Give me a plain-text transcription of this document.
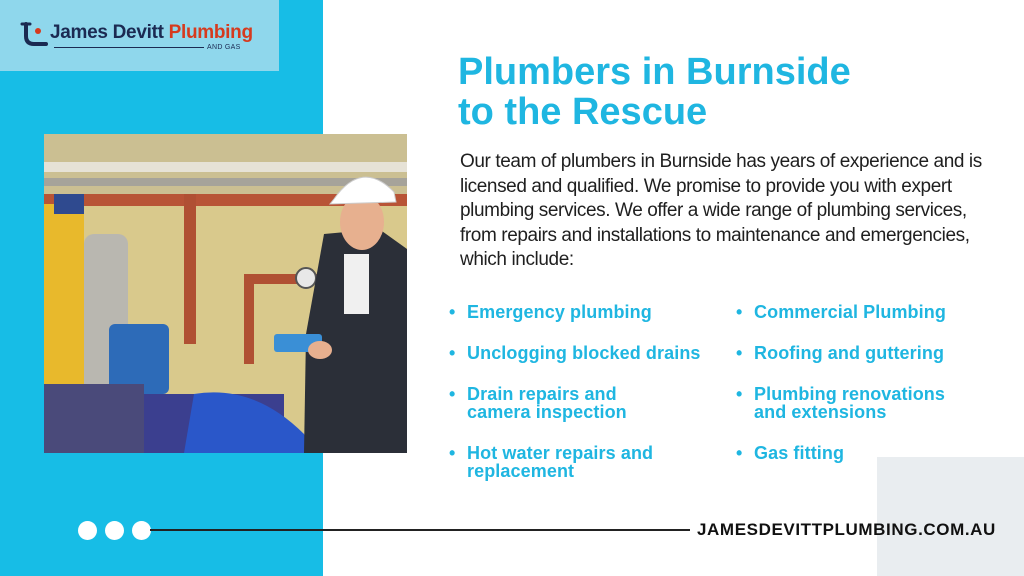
James Devitt Plumbing
AND GAS
Plumbers in Burnside
to the Rescue

Our team of plumbers in Burnside has years of experience and is licensed and qualified. We promise to provide you with expert plumbing services. We offer a wide range of plumbing services, from repairs and installations to maintenance and emergencies, which include:

• Emergency plumbing
• Unclogging blocked drains
• Drain repairs and
camera inspection
• Hot water repairs and
replacement
• Commercial Plumbing
• Roofing and guttering
• Plumbing renovations
and extensions
• Gas fitting
JAMESDEVITTPLUMBING.COM.AU
